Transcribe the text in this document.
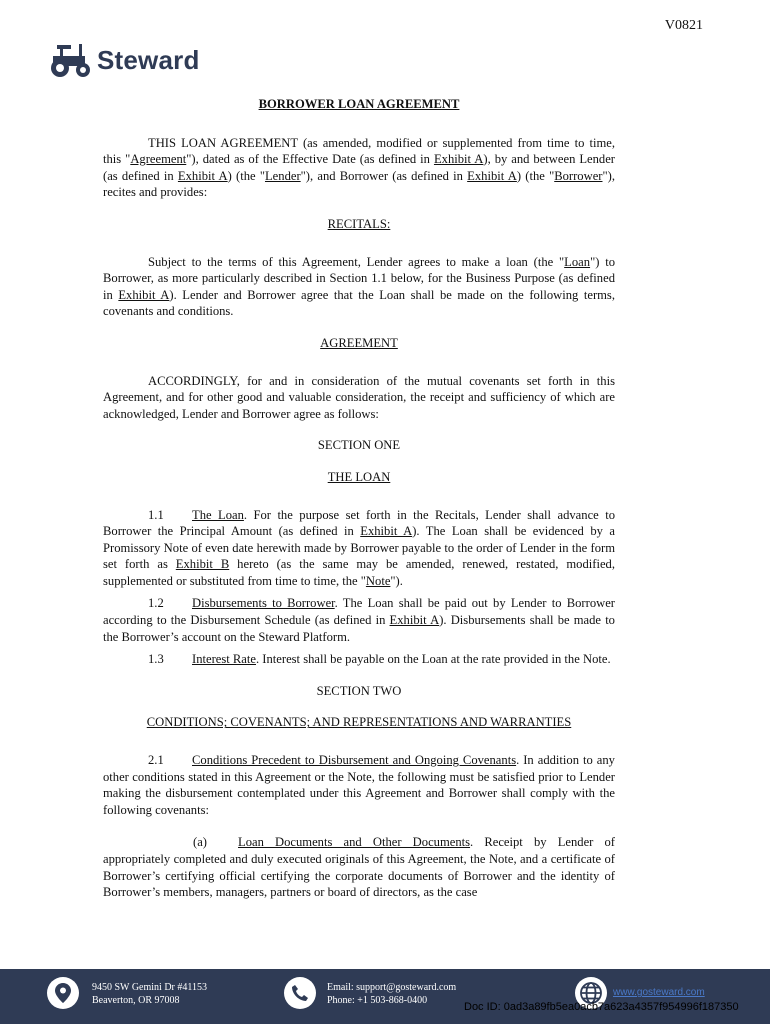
V0821
Steward
BORROWER LOAN AGREEMENT

THIS LOAN AGREEMENT (as amended, modified or supplemented from time to time, this "Agreement"), dated as of the Effective Date (as defined in Exhibit A), by and between Lender (as defined in Exhibit A) (the "Lender"), and Borrower (as defined in Exhibit A) (the "Borrower"), recites and provides:

RECITALS:

Subject to the terms of this Agreement, Lender agrees to make a loan (the "Loan") to Borrower, as more particularly described in Section 1.1 below, for the Business Purpose (as defined in Exhibit A). Lender and Borrower agree that the Loan shall be made on the following terms, covenants and conditions.

AGREEMENT

ACCORDINGLY, for and in consideration of the mutual covenants set forth in this Agreement, and for other good and valuable consideration, the receipt and sufficiency of which are acknowledged, Lender and Borrower agree as follows:

SECTION ONE
THE LOAN

1.1 The Loan. For the purpose set forth in the Recitals, Lender shall advance to Borrower the Principal Amount (as defined in Exhibit A). The Loan shall be evidenced by a Promissory Note of even date herewith made by Borrower payable to the order of Lender in the form set forth as Exhibit B hereto (as the same may be amended, renewed, restated, modified, supplemented or substituted from time to time, the "Note").

1.2 Disbursements to Borrower. The Loan shall be paid out by Lender to Borrower according to the Disbursement Schedule (as defined in Exhibit A). Disbursements shall be made to the Borrower’s account on the Steward Platform.

1.3 Interest Rate. Interest shall be payable on the Loan at the rate provided in the Note.

SECTION TWO
CONDITIONS; COVENANTS; AND REPRESENTATIONS AND WARRANTIES

2.1 Conditions Precedent to Disbursement and Ongoing Covenants. In addition to any other conditions stated in this Agreement or the Note, the following must be satisfied prior to Lender making the disbursement contemplated under this Agreement and Borrower shall comply with the following covenants:

(a) Loan Documents and Other Documents. Receipt by Lender of appropriately completed and duly executed originals of this Agreement, the Note, and a certificate of Borrower’s certifying official certifying the corporate documents of Borrower and the identity of Borrower’s members, managers, partners or board of directors, as the case

9450 SW Gemini Dr #41153
Beaverton, OR 97008
Email: support@gosteward.com
Phone: +1 503-868-0400
www.gosteward.com
Doc ID: 0ad3a89fb5ea0acb7a623a4357f954996f187350
